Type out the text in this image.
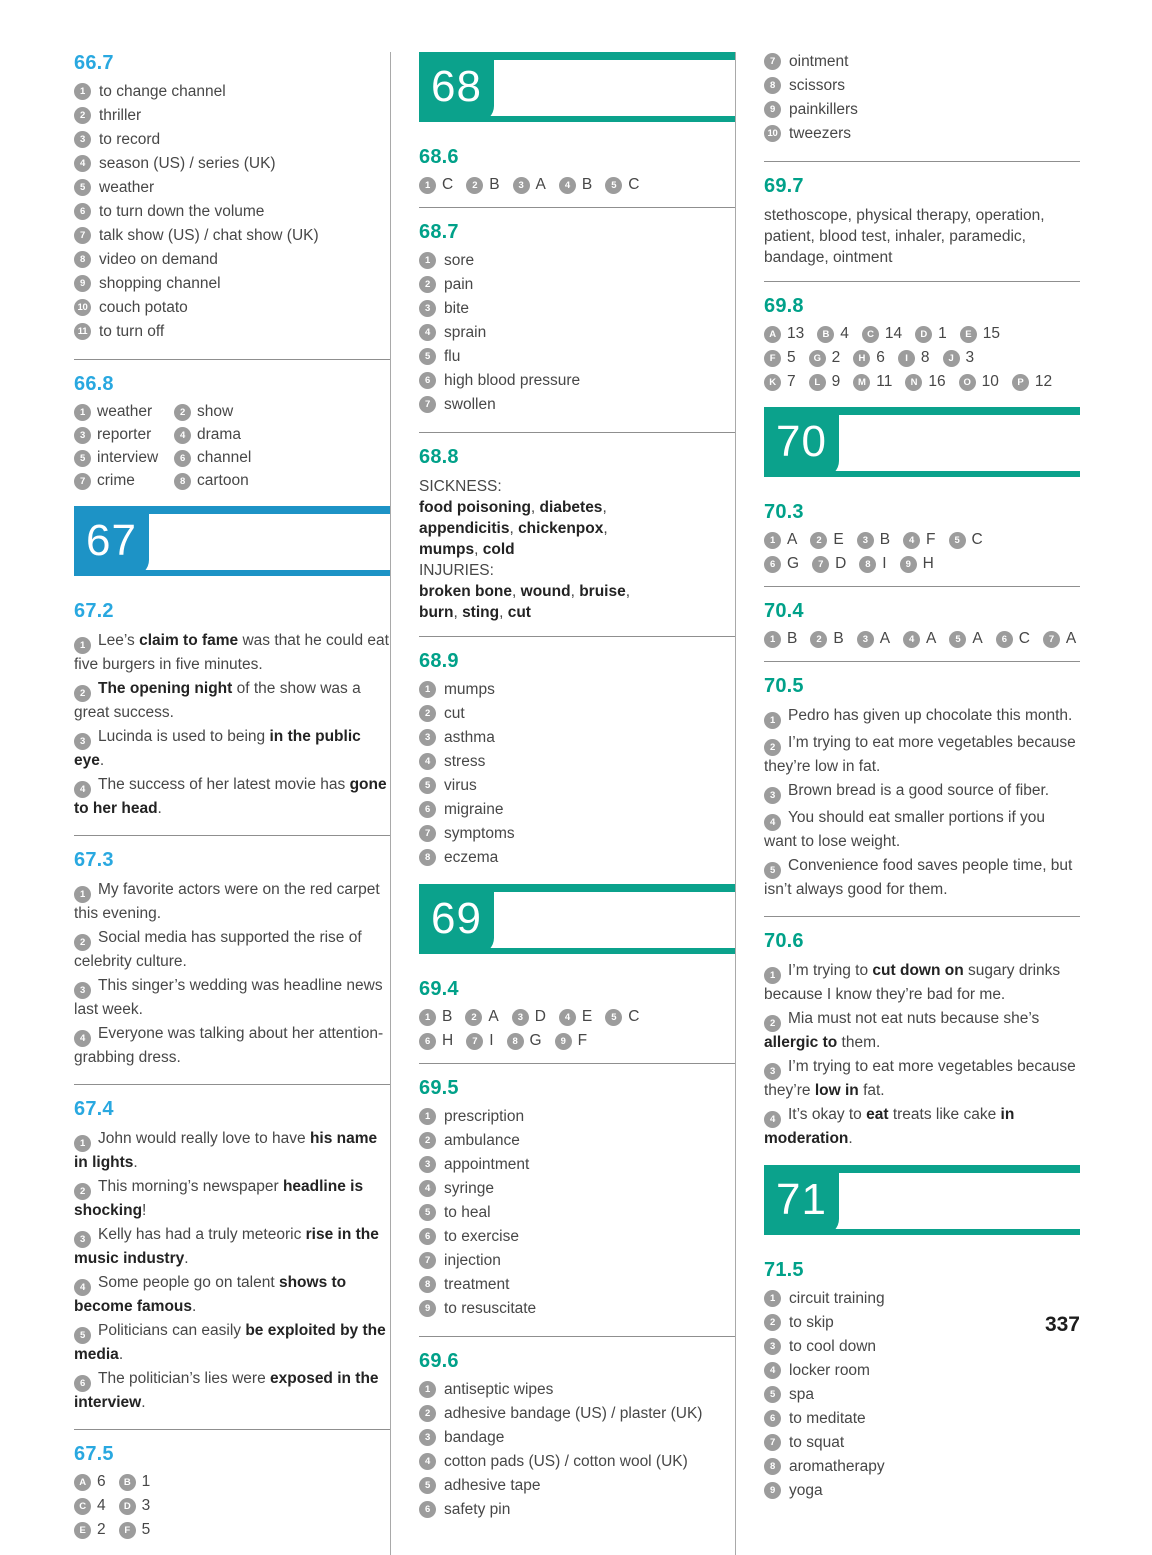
66.7
1 to change channel
2 thriller
3 to record
4 season (US) / series (UK)
5 weather
6 to turn down the volume
7 talk show (US) / chat show (UK)
8 video on demand
9 shopping channel
10 couch potato
11 to turn off
66.8
1 weather	2 show
3 reporter	4 drama
5 interview	6 channel
7 crime	8 cartoon
67
67.2
1 Lee’s claim to fame was that he could eat five burgers in five minutes.
2 The opening night of the show was a great success.
3 Lucinda is used to being in the public eye.
4 The success of her latest movie has gone to her head.
67.3
1 My favorite actors were on the red carpet this evening.
2 Social media has supported the rise of celebrity culture.
3 This singer’s wedding was headline news last week.
4 Everyone was talking about her attention-grabbing dress.
67.4
1 John would really love to have his name in lights.
2 This morning’s newspaper headline is shocking!
3 Kelly has had a truly meteoric rise in the music industry.
4 Some people go on talent shows to become famous.
5 Politicians can easily be exploited by the media.
6 The politician’s lies were exposed in the interview.
67.5
A 6	B 1
C 4	D 3
E 2	F 5
68
68.6
1 C	2 B	3 A	4 B	5 C
68.7
1 sore
2 pain
3 bite
4 sprain
5 flu
6 high blood pressure
7 swollen
68.8
SICKNESS:
food poisoning, diabetes,
appendicitis, chickenpox,
mumps, cold
INJURIES:
broken bone, wound, bruise,
burn, sting, cut
68.9
1 mumps
2 cut
3 asthma
4 stress
5 virus
6 migraine
7 symptoms
8 eczema
69
69.4
1 B	2 A	3 D	4 E	5 C
6 H	7 I	8 G	9 F
69.5
1 prescription
2 ambulance
3 appointment
4 syringe
5 to heal
6 to exercise
7 injection
8 treatment
9 to resuscitate
69.6
1 antiseptic wipes
2 adhesive bandage (US) / plaster (UK)
3 bandage
4 cotton pads (US) / cotton wool (UK)
5 adhesive tape
6 safety pin
7 ointment
8 scissors
9 painkillers
10 tweezers
69.7
stethoscope, physical therapy, operation, patient, blood test, inhaler, paramedic, bandage, ointment
69.8
A 13	B 4	C 14	D 1	E 15
F 5	G 2	H 6	I 8	J 3
K 7	L 9	M 11	N 16	O 10	P 12
70
70.3
1 A	2 E	3 B	4 F	5 C
6 G	7 D	8 I	9 H
70.4
1 B	2 B	3 A	4 A	5 A	6 C	7 A
70.5
1 Pedro has given up chocolate this month.
2 I’m trying to eat more vegetables because they’re low in fat.
3 Brown bread is a good source of fiber.
4 You should eat smaller portions if you want to lose weight.
5 Convenience food saves people time, but isn’t always good for them.
70.6
1 I’m trying to cut down on sugary drinks because I know they’re bad for me.
2 Mia must not eat nuts because she’s allergic to them.
3 I’m trying to eat more vegetables because they’re low in fat.
4 It’s okay to eat treats like cake in moderation.
71
71.5
1 circuit training
2 to skip
3 to cool down
4 locker room
5 spa
6 to meditate
7 to squat
8 aromatherapy
9 yoga
337
